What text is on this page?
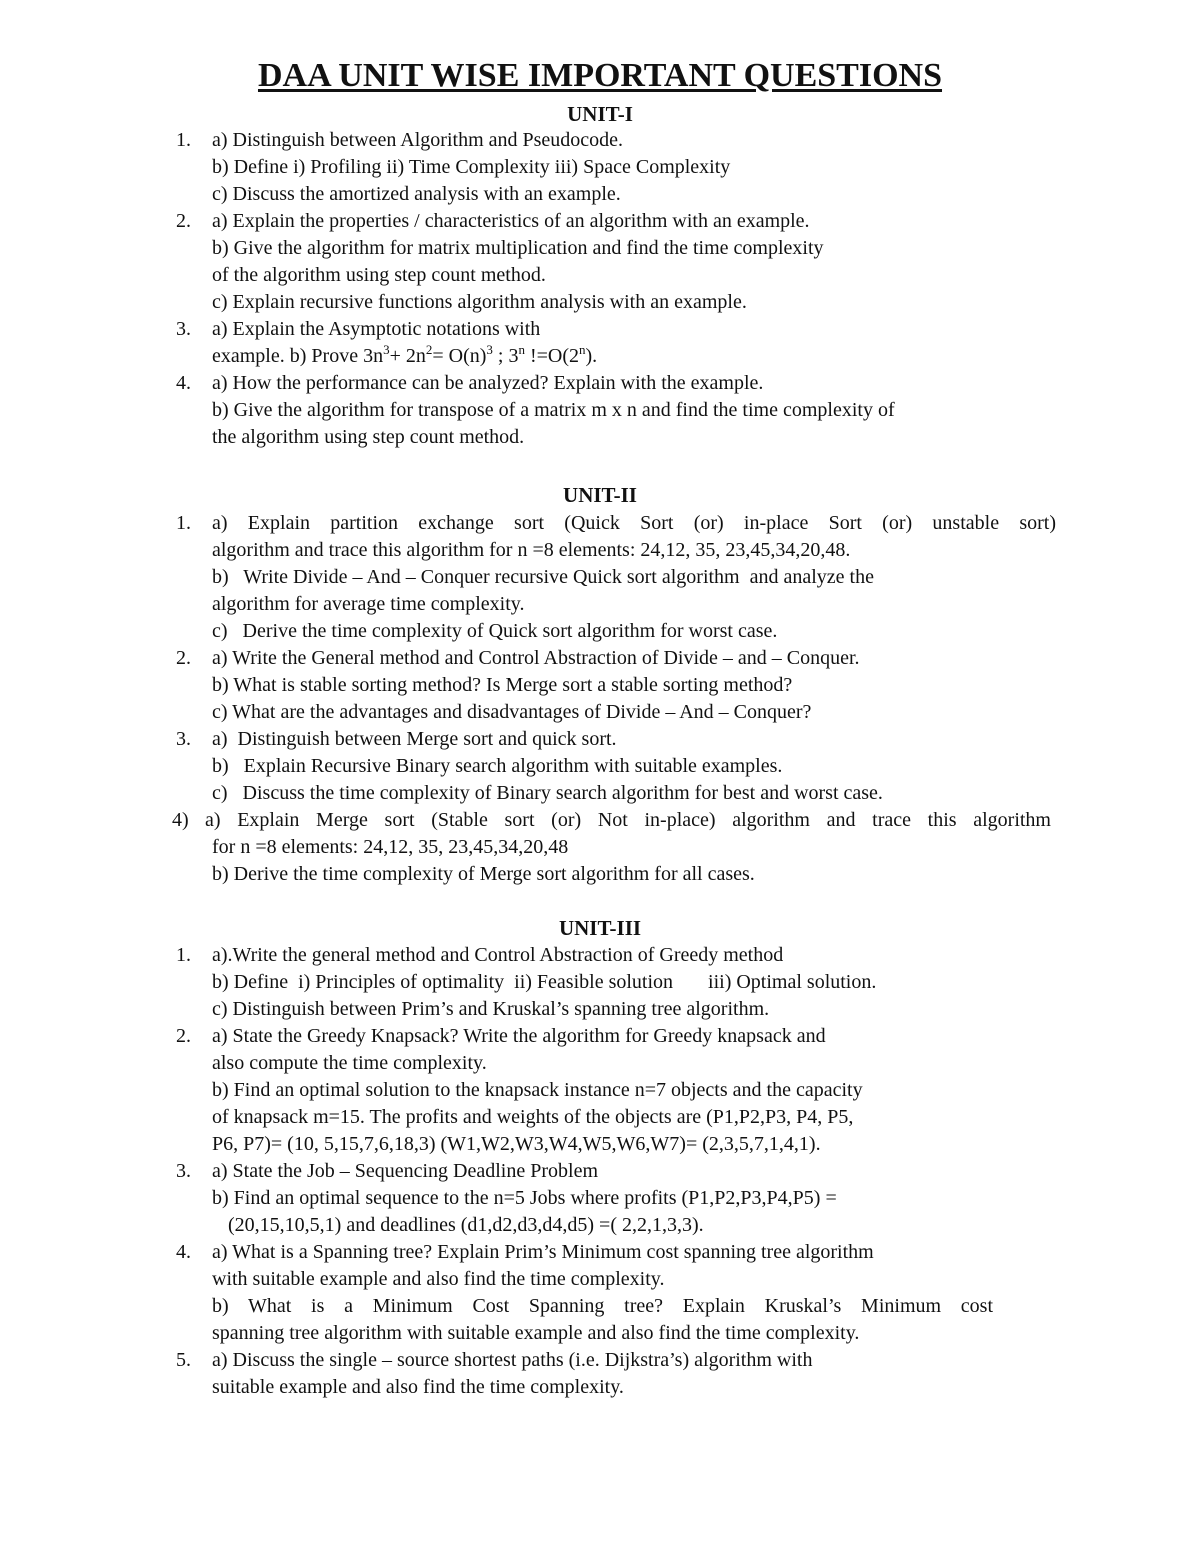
DAA UNIT WISE IMPORTANT QUESTIONS
UNIT-I
1. a) Distinguish between Algorithm and Pseudocode.
b) Define i) Profiling ii) Time Complexity iii) Space Complexity
c) Discuss the amortized analysis with an example.
2. a) Explain the properties / characteristics of an algorithm with an example.
b) Give the algorithm for matrix multiplication and find the time complexity
of the algorithm using step count method.
c) Explain recursive functions algorithm analysis with an example.
3. a) Explain the Asymptotic notations with
example. b) Prove $3n^3+ 2n^2= O(n)^3$ ; 3$^n$ $!=O(2^n)$.
4. a) How the performance can be analyzed? Explain with the example.
b) Give the algorithm for transpose of a matrix m x n and find the time complexity of
the algorithm using step count method.
UNIT-II
1. a) Explain partition exchange sort (Quick Sort (or) in-place Sort (or) unstable sort)
algorithm and trace this algorithm for n =8 elements: 24,12, 35, 23,45,34,20,48.
b)   Write Divide – And – Conquer recursive Quick sort algorithm  and analyze the
algorithm for average time complexity.
c)   Derive the time complexity of Quick sort algorithm for worst case.
2. a) Write the General method and Control Abstraction of Divide – and – Conquer.
b) What is stable sorting method? Is Merge sort a stable sorting method?
c) What are the advantages and disadvantages of Divide – And – Conquer?
3. a)  Distinguish between Merge sort and quick sort.
b)   Explain Recursive Binary search algorithm with suitable examples.
c)   Discuss the time complexity of Binary search algorithm for best and worst case.
4) a) Explain Merge sort (Stable sort (or) Not in-place) algorithm and trace this algorithm
for n =8 elements: 24,12, 35, 23,45,34,20,48
b) Derive the time complexity of Merge sort algorithm for all cases.
UNIT-III
1. a).Write the general method and Control Abstraction of Greedy method
b) Define  i) Principles of optimality  ii) Feasible solution       iii) Optimal solution.
c) Distinguish between Prim’s and Kruskal’s spanning tree algorithm.
2. a) State the Greedy Knapsack? Write the algorithm for Greedy knapsack and
also compute the time complexity.
b) Find an optimal solution to the knapsack instance n=7 objects and the capacity
of knapsack m=15. The profits and weights of the objects are (P1,P2,P3, P4, P5,
P6, P7)= (10, 5,15,7,6,18,3) (W1,W2,W3,W4,W5,W6,W7)= (2,3,5,7,1,4,1).
3. a) State the Job – Sequencing Deadline Problem
b) Find an optimal sequence to the n=5 Jobs where profits (P1,P2,P3,P4,P5) =
(20,15,10,5,1) and deadlines (d1,d2,d3,d4,d5) =( 2,2,1,3,3).
4. a) What is a Spanning tree? Explain Prim’s Minimum cost spanning tree algorithm
with suitable example and also find the time complexity.
b) What is a Minimum Cost Spanning tree? Explain Kruskal’s Minimum cost
spanning tree algorithm with suitable example and also find the time complexity.
5. a) Discuss the single – source shortest paths (i.e. Dijkstra’s) algorithm with
suitable example and also find the time complexity.
